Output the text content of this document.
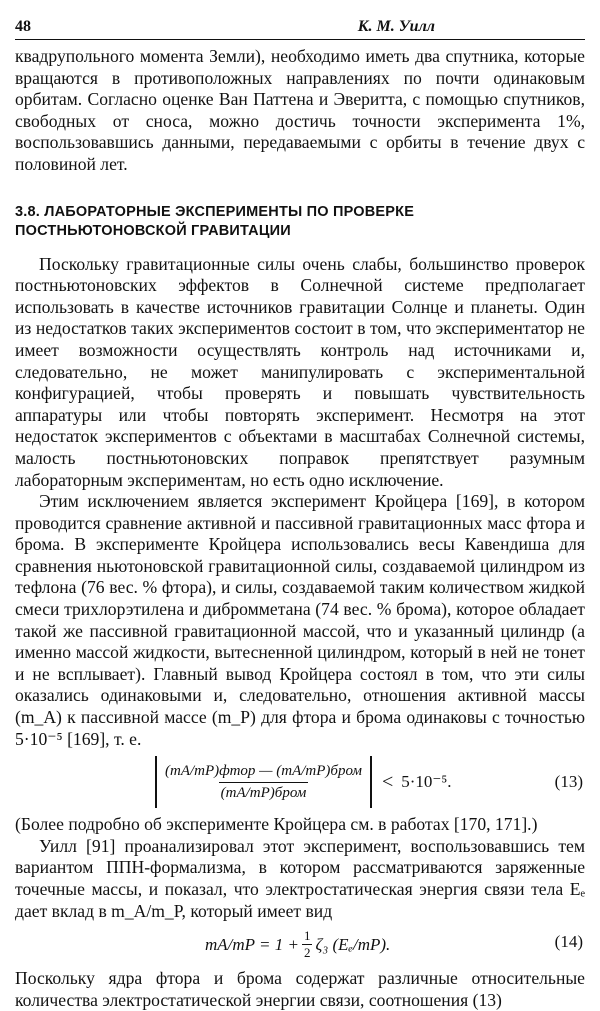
48	К. М. Уилл

квадрупольного момента Земли), необходимо иметь два спутника, которые вращаются в противоположных направлениях по почти одинаковым орбитам. Согласно оценке Ван Паттена и Эверитта, с помощью спутников, свободных от сноса, можно достичь точности эксперимента 1%, воспользовавшись данными, передаваемыми с орбиты в течение двух с половиной лет.

3.8. ЛАБОРАТОРНЫЕ ЭКСПЕРИМЕНТЫ ПО ПРОВЕРКЕ
ПОСТНЬЮТОНОВСКОЙ ГРАВИТАЦИИ

Поскольку гравитационные силы очень слабы, большинство проверок постньютоновских эффектов в Солнечной системе предполагает использовать в качестве источников гравитации Солнце и планеты. Один из недостатков таких экспериментов состоит в том, что экспериментатор не имеет возможности осуществлять контроль над источниками и, следовательно, не может манипулировать с экспериментальной конфигурацией, чтобы проверять и повышать чувствительность аппаратуры или чтобы повторять эксперимент. Несмотря на этот недостаток экспериментов с объектами в масштабах Солнечной системы, малость постньютоновских поправок препятствует разумным лабораторным экспериментам, но есть одно исключение.

Этим исключением является эксперимент Кройцера [169], в котором проводится сравнение активной и пассивной гравитационных масс фтора и брома. В эксперименте Кройцера использовались весы Кавендиша для сравнения ньютоновской гравитационной силы, создаваемой цилиндром из тефлона (76 вес. % фтора), и силы, создаваемой таким количеством жидкой смеси трихлорэтилена и дибромметана (74 вес. % брома), которое обладает такой же пассивной гравитационной массой, что и указанный цилиндр (а именно массой жидкости, вытесненной цилиндром, который в ней не тонет и не всплывает). Главный вывод Кройцера состоял в том, что эти силы оказались одинаковыми и, следовательно, отношения активной массы (m_A) к пассивной массе (m_P) для фтора и брома одинаковы с точностью 5·10⁻⁵ [169], т. е.

$\frac{\text{(mA/mP)фтор — (mA/mP)бром}}{\text{(mA/mP)бром}} < 5\cdot 10^{-5}$.	(13)

(Более подробно об эксперименте Кройцера см. в работах [170, 171].)

Уилл [91] проанализировал этот эксперимент, воспользовавшись тем вариантом ППН-формализма, в котором рассматриваются заряженные точечные массы, и показал, что электростатическая энергия связи тела Eₑ дает вклад в m_A/m_P, который имеет вид

$mA/mP = 1 + \frac{1}{2} \zeta_3$ (Eₑ/mP).	(14)

Поскольку ядра фтора и брома содержат различные относительные количества электростатической энергии связи, соотношения (13)
